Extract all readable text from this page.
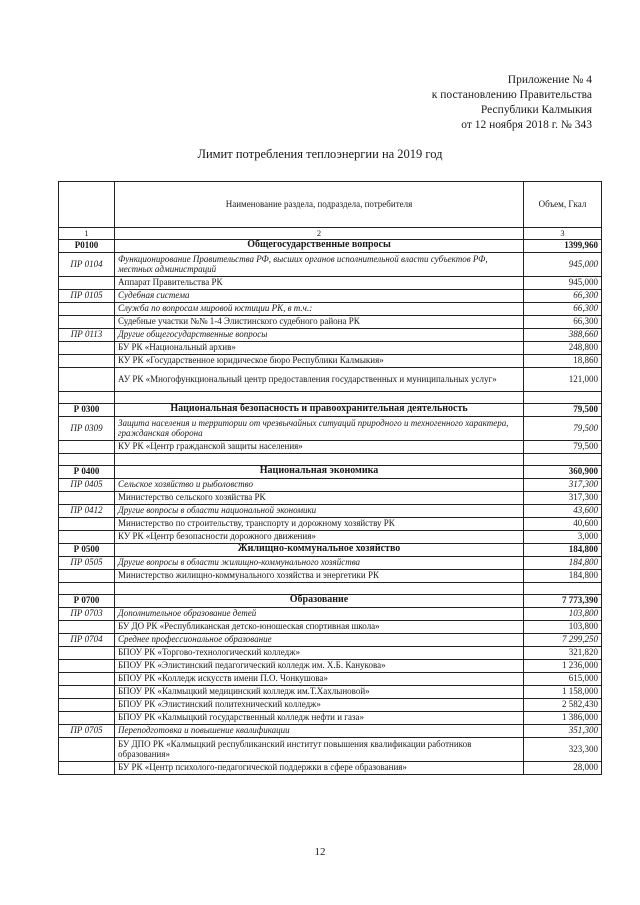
Приложение № 4
к постановлению Правительства
Республики Калмыкия
от 12 ноября 2018 г. № 343
Лимит потребления теплоэнергии на 2019 год
	Наименование раздела, подраздела, потребителя	Объем, Гкал
1	2	3
Р0100	Общегосударственные вопросы	1399,960
ПР 0104	Функционирование Правительства РФ, высших органов исполнительной власти субъектов РФ, местных администраций	945,000
	Аппарат Правительства РК	945,000
ПР 0105	Судебная система	66,300
	Служба по вопросам мировой юстиции РК, в т.ч.:	66,300
	Судебные участки №№ 1-4 Элистинского судебного района РК	66,300
ПР 0113	Другие общегосударственные вопросы	388,660
	БУ РК «Национальный архив»	248,800
	КУ РК «Государственное юридическое бюро Республики Калмыкия»	18,860
	АУ РК «Многофункциональный центр предоставления государственных и муниципальных услуг»	121,000

Р 0300	Национальная безопасность и правоохранительная деятельность	79,500
ПР 0309	Защита населения и территории от чрезвычайных ситуаций природного и техногенного характера, гражданская оборона	79,500
	КУ РК «Центр гражданской защиты населения»	79,500

Р 0400	Национальная экономика	360,900
ПР 0405	Сельское хозяйство и рыболовство	317,300
	Министерство сельского хозяйства РК	317,300
ПР 0412	Другие вопросы в области национальной экономики	43,600
	Министерство по строительству, транспорту и дорожному хозяйству РК	40,600
	КУ РК «Центр безопасности дорожного движения»	3,000
Р 0500	Жилищно-коммунальное хозяйство	184,800
ПР 0505	Другие вопросы в области жилищно-коммунального хозяйства	184,800
	Министерство жилищно-коммунального хозяйства и энергетики РК	184,800

Р 0700	Образование	7 773,390
ПР 0703	Дополнительное образование детей	103,800
	БУ ДО РК «Республиканская детско-юношеская спортивная школа»	103,800
ПР 0704	Среднее профессиональное образование	7 299,250
	БПОУ РК «Торгово-технологический колледж»	321,820
	БПОУ РК «Элистинский педагогический колледж им. Х.Б. Канукова»	1 236,000
	БПОУ РК «Колледж искусств имени П.О. Чонкушова»	615,000
	БПОУ РК «Калмыцкий медицинский колледж им.Т.Хахлыновой»	1 158,000
	БПОУ РК «Элистинский политехнический колледж»	2 582,430
	БПОУ РК «Калмыцкий государственный колледж нефти и газа»	1 386,000
ПР 0705	Переподготовка и повышение квалификации	351,300
	БУ ДПО РК «Калмыцкий республиканский институт повышения квалификации работников образования»	323,300
	БУ РК «Центр психолого-педагогической поддержки в сфере образования»	28,000
12
